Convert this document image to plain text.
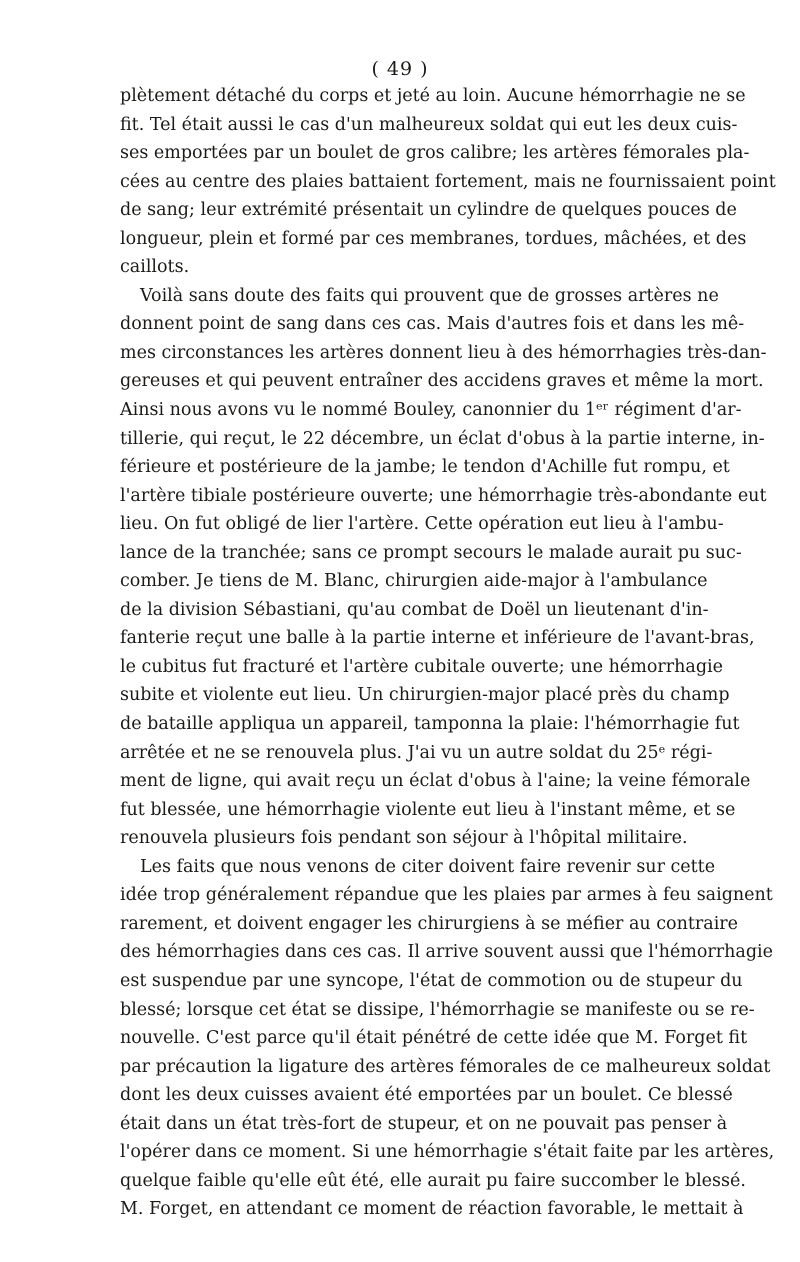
( 49 )
plètement détaché du corps et jeté au loin. Aucune hémorrhagie ne se
fit. Tel était aussi le cas d'un malheureux soldat qui eut les deux cuis-
ses emportées par un boulet de gros calibre; les artères fémorales pla-
cées au centre des plaies battaient fortement, mais ne fournissaient point
de sang; leur extrémité présentait un cylindre de quelques pouces de
longueur, plein et formé par ces membranes, tordues, mâchées, et des
caillots.
Voilà sans doute des faits qui prouvent que de grosses artères ne
donnent point de sang dans ces cas. Mais d'autres fois et dans les mê-
mes circonstances les artères donnent lieu à des hémorrhagies très-dan-
gereuses et qui peuvent entraîner des accidens graves et même la mort.
Ainsi nous avons vu le nommé Bouley, canonnier du 1ᵉʳ régiment d'ar-
tillerie, qui reçut, le 22 décembre, un éclat d'obus à la partie interne, in-
férieure et postérieure de la jambe; le tendon d'Achille fut rompu, et
l'artère tibiale postérieure ouverte; une hémorrhagie très-abondante eut
lieu. On fut obligé de lier l'artère. Cette opération eut lieu à l'ambu-
lance de la tranchée; sans ce prompt secours le malade aurait pu suc-
comber. Je tiens de M. Blanc, chirurgien aide-major à l'ambulance
de la division Sébastiani, qu'au combat de Doël un lieutenant d'in-
fanterie reçut une balle à la partie interne et inférieure de l'avant-bras,
le cubitus fut fracturé et l'artère cubitale ouverte; une hémorrhagie
subite et violente eut lieu. Un chirurgien-major placé près du champ
de bataille appliqua un appareil, tamponna la plaie: l'hémorrhagie fut
arrêtée et ne se renouvela plus. J'ai vu un autre soldat du 25ᵉ régi-
ment de ligne, qui avait reçu un éclat d'obus à l'aine; la veine fémorale
fut blessée, une hémorrhagie violente eut lieu à l'instant même, et se
renouvela plusieurs fois pendant son séjour à l'hôpital militaire.
Les faits que nous venons de citer doivent faire revenir sur cette
idée trop généralement répandue que les plaies par armes à feu saignent
rarement, et doivent engager les chirurgiens à se méfier au contraire
des hémorrhagies dans ces cas. Il arrive souvent aussi que l'hémorrhagie
est suspendue par une syncope, l'état de commotion ou de stupeur du
blessé; lorsque cet état se dissipe, l'hémorrhagie se manifeste ou se re-
nouvelle. C'est parce qu'il était pénétré de cette idée que M. Forget fit
par précaution la ligature des artères fémorales de ce malheureux soldat
dont les deux cuisses avaient été emportées par un boulet. Ce blessé
était dans un état très-fort de stupeur, et on ne pouvait pas penser à
l'opérer dans ce moment. Si une hémorrhagie s'était faite par les artères,
quelque faible qu'elle eût été, elle aurait pu faire succomber le blessé.
M. Forget, en attendant ce moment de réaction favorable, le mettait à
